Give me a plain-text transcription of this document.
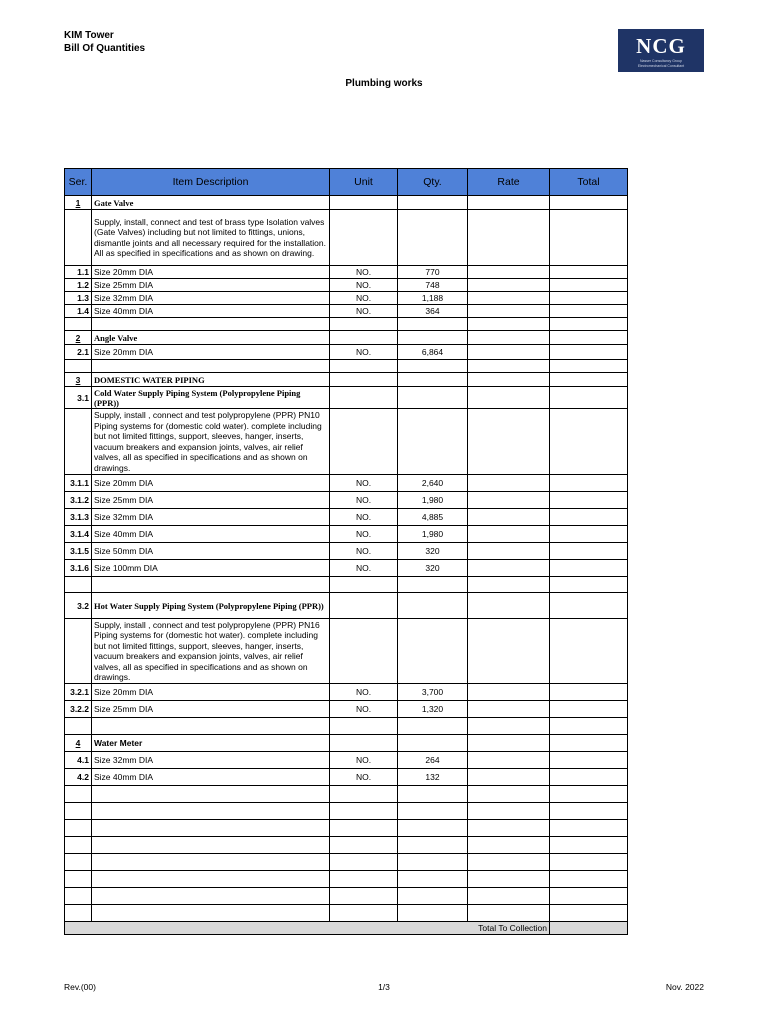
KIM Tower
Bill Of Quantities
Plumbing works
NCG
Nasser Consultancy Group
Electromechanical Consultant
Ser.	Item Description	Unit	Qty.	Rate	Total
1	Gate Valve				
	Supply, install, connect and test of brass type Isolation valves (Gate Valves) including but not limited to fittings, unions, dismantle joints and all necessary required for the installation. All as specified in specifications and as shown on drawing.				
1.1	Size 20mm DIA	NO.	770		
1.2	Size 25mm DIA	NO.	748		
1.3	Size 32mm DIA	NO.	1,188		
1.4	Size 40mm DIA	NO.	364		

2	Angle Valve				
2.1	Size 20mm DIA	NO.	6,864		

3	DOMESTIC WATER PIPING				
3.1	Cold Water Supply Piping System (Polypropylene Piping (PPR))				
	Supply, install , connect and test polypropylene (PPR) PN10 Piping systems for (domestic cold water). complete including but not limited fittings, support, sleeves, hanger, inserts, vacuum breakers and expansion joints, valves, air relief valves, all as specified in specifications and as shown on drawings.				
3.1.1	Size 20mm DIA	NO.	2,640		
3.1.2	Size 25mm DIA	NO.	1,980		
3.1.3	Size 32mm DIA	NO.	4,885		
3.1.4	Size 40mm DIA	NO.	1,980		
3.1.5	Size 50mm DIA	NO.	320		
3.1.6	Size 100mm DIA	NO.	320		

3.2	Hot Water Supply Piping System (Polypropylene Piping (PPR))				
	Supply, install , connect and test polypropylene (PPR) PN16 Piping systems for (domestic hot water). complete including but not limited fittings, support, sleeves, hanger, inserts, vacuum breakers and expansion joints, valves, air relief valves, all as specified in specifications and as shown on drawings.				
3.2.1	Size 20mm DIA	NO.	3,700		
3.2.2	Size 25mm DIA	NO.	1,320		

4	Water Meter				
4.1	Size 32mm DIA	NO.	264		
4.2	Size 40mm DIA	NO.	132		

Total To Collection					
Rev.(00)	1/3	Nov. 2022
